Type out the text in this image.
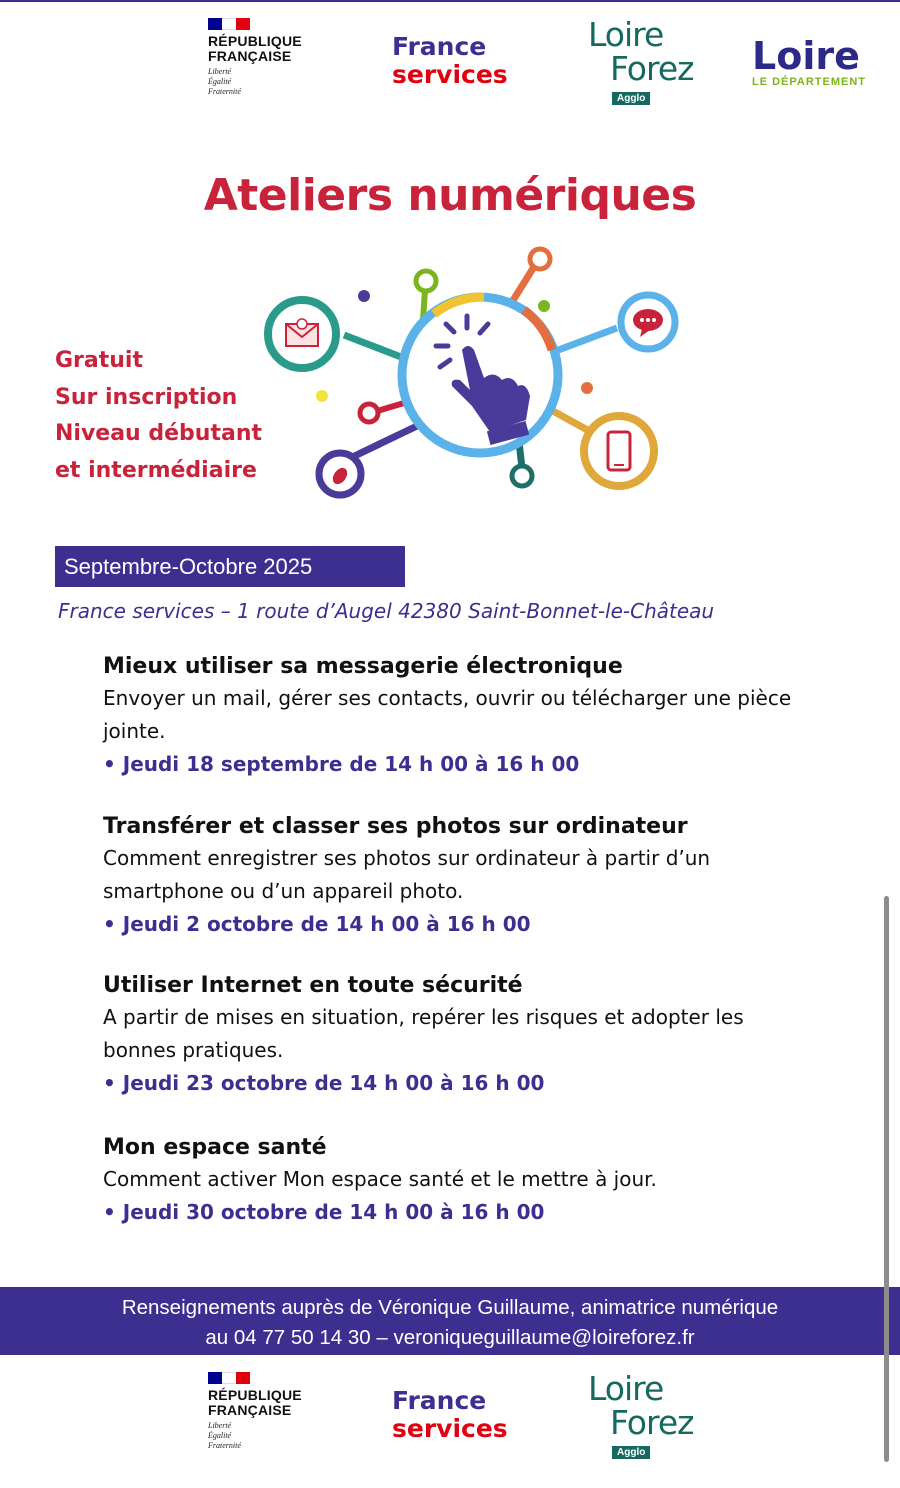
RÉPUBLIQUE
FRANÇAISE
Liberté
Égalité
Fraternité
France
services
Loire
Forez
Agglo
Loire
LE DÉPARTEMENT
Ateliers numériques
Gratuit
Sur inscription
Niveau débutant
et intermédiaire
Septembre-Octobre 2025
France services – 1 route d’Augel 42380 Saint-Bonnet-le-Château
Mieux utiliser sa messagerie électronique
Envoyer un mail, gérer ses contacts, ouvrir ou télécharger une pièce jointe.
• Jeudi 18 septembre de 14 h 00 à 16 h 00
Transférer et classer ses photos sur ordinateur
Comment enregistrer ses photos sur ordinateur à partir d’un smartphone ou d’un appareil photo.
• Jeudi 2 octobre de 14 h 00 à 16 h 00
Utiliser Internet en toute sécurité
A partir de mises en situation, repérer les risques et adopter les bonnes pratiques.
• Jeudi 23 octobre de 14 h 00 à 16 h 00
Mon espace santé
Comment activer Mon espace santé et le mettre à jour.
• Jeudi 30 octobre de 14 h 00 à 16 h 00
Renseignements auprès de Véronique Guillaume, animatrice numérique
au 04 77 50 14 30 – veroniqueguillaume@loireforez.fr
RÉPUBLIQUE
FRANÇAISE
Liberté
Égalité
Fraternité
France
services
Loire
Forez
Agglo
